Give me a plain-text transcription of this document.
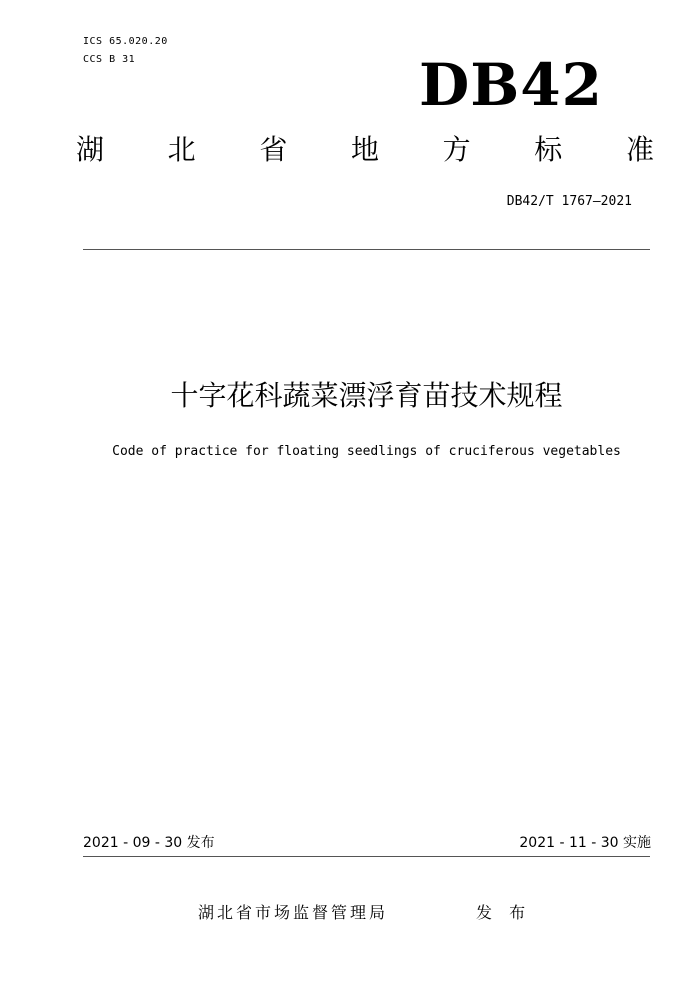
ICS 65.020.20
CCS B 31	DB42
湖 北 省 地 方 标 准
DB42/T 1767—2021
十字花科蔬菜漂浮育苗技术规程
Code of practice for floating seedlings of cruciferous vegetables
2021 - 09 - 30 发布	2021 - 11 - 30 实施
湖北省市场监督管理局	发 布
